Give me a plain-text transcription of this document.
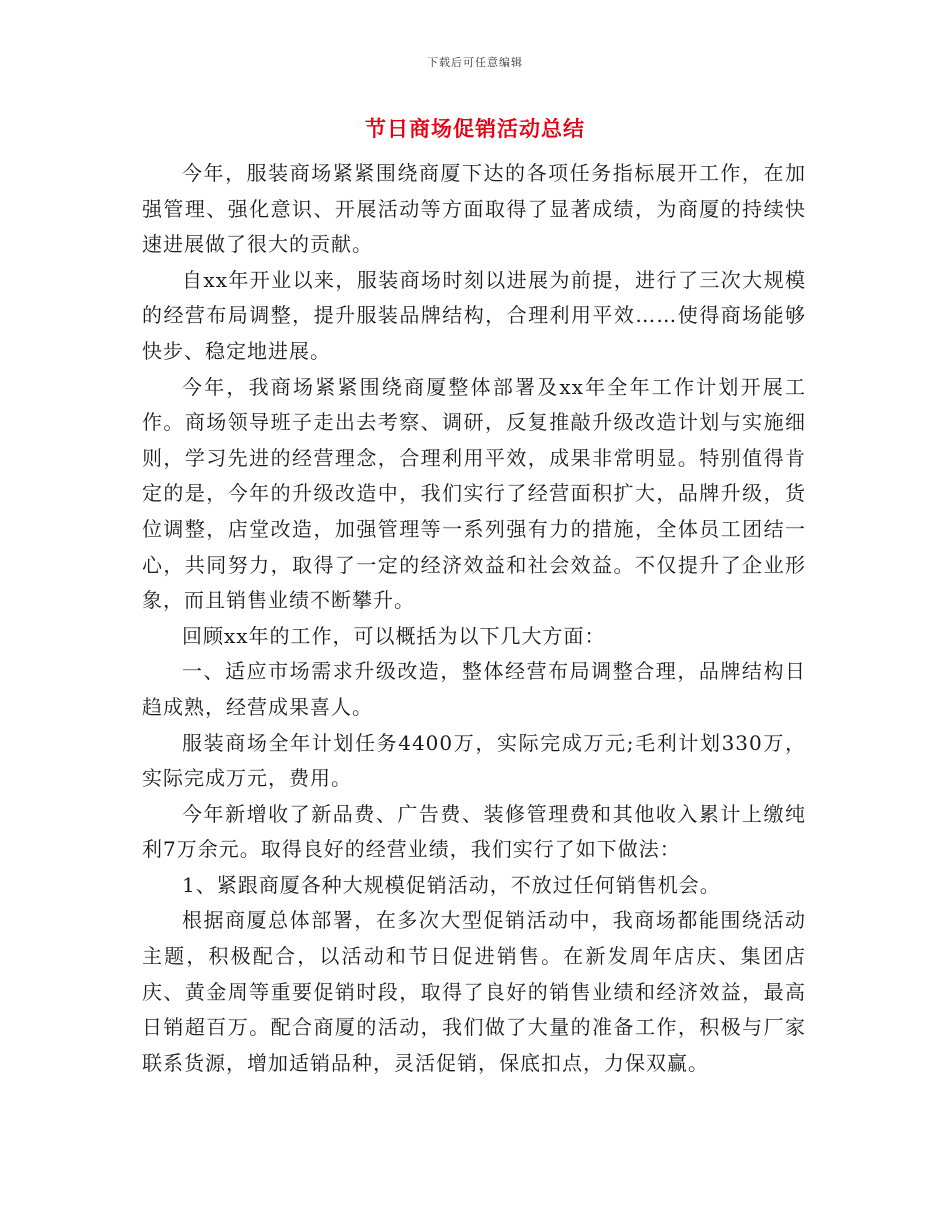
下载后可任意编辑
节日商场促销活动总结

今年，服装商场紧紧围绕商厦下达的各项任务指标展开工作，在加强管理、强化意识、开展活动等方面取得了显著成绩，为商厦的持续快速进展做了很大的贡献。

自xx年开业以来，服装商场时刻以进展为前提，进行了三次大规模的经营布局调整，提升服装品牌结构，合理利用平效……使得商场能够快步、稳定地进展。

今年，我商场紧紧围绕商厦整体部署及xx年全年工作计划开展工作。商场领导班子走出去考察、调研，反复推敲升级改造计划与实施细则，学习先进的经营理念，合理利用平效，成果非常明显。特别值得肯定的是，今年的升级改造中，我们实行了经营面积扩大，品牌升级，货位调整，店堂改造，加强管理等一系列强有力的措施，全体员工团结一心，共同努力，取得了一定的经济效益和社会效益。不仅提升了企业形象，而且销售业绩不断攀升。

回顾xx年的工作，可以概括为以下几大方面：

一、适应市场需求升级改造，整体经营布局调整合理，品牌结构日趋成熟，经营成果喜人。

服装商场全年计划任务4400万，实际完成万元;毛利计划330万，实际完成万元，费用。

今年新增收了新品费、广告费、装修管理费和其他收入累计上缴纯利7万余元。取得良好的经营业绩，我们实行了如下做法：

1、紧跟商厦各种大规模促销活动，不放过任何销售机会。

根据商厦总体部署，在多次大型促销活动中，我商场都能围绕活动主题，积极配合，以活动和节日促进销售。在新发周年店庆、集团店庆、黄金周等重要促销时段，取得了良好的销售业绩和经济效益，最高日销超百万。配合商厦的活动，我们做了大量的准备工作，积极与厂家联系货源，增加适销品种，灵活促销，保底扣点，力保双赢。
